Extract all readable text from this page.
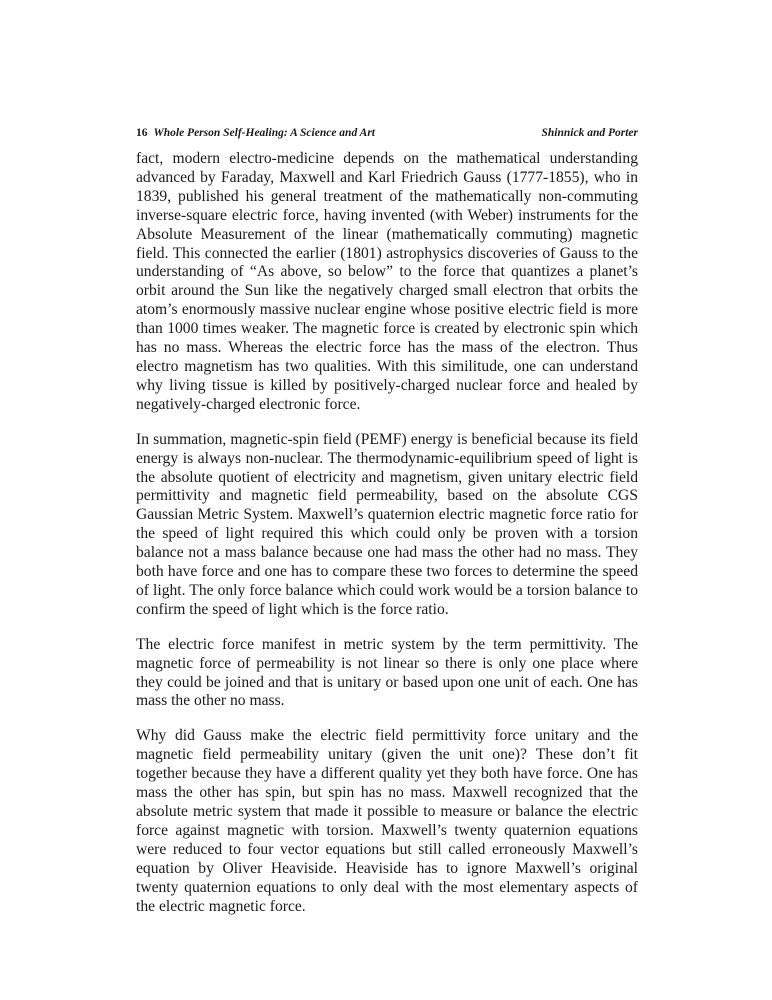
16 Whole Person Self-Healing: A Science and Art	Shinnick and Porter

fact, modern electro-medicine depends on the mathematical understanding advanced by Faraday, Maxwell and Karl Friedrich Gauss (1777-1855), who in 1839, published his general treatment of the mathematically non-commuting inverse-square electric force, having invented (with Weber) instruments for the Absolute Measurement of the linear (mathematically commuting) magnetic field. This connected the earlier (1801) astrophysics discoveries of Gauss to the understanding of “As above, so below” to the force that quantizes a planet’s orbit around the Sun like the negatively charged small electron that orbits the atom’s enormously massive nuclear engine whose positive electric field is more than 1000 times weaker. The magnetic force is created by electronic spin which has no mass. Whereas the electric force has the mass of the electron. Thus electro magnetism has two qualities. With this similitude, one can understand why living tissue is killed by positively-charged nuclear force and healed by negatively-charged electronic force.

In summation, magnetic-spin field (PEMF) energy is beneficial because its field energy is always non-nuclear. The thermodynamic-equilibrium speed of light is the absolute quotient of electricity and magnetism, given unitary electric field permittivity and magnetic field permeability, based on the absolute CGS Gaussian Metric System. Maxwell’s quaternion electric magnetic force ratio for the speed of light required this which could only be proven with a torsion balance not a mass balance because one had mass the other had no mass. They both have force and one has to compare these two forces to determine the speed of light. The only force balance which could work would be a torsion balance to confirm the speed of light which is the force ratio.

The electric force manifest in metric system by the term permittivity. The magnetic force of permeability is not linear so there is only one place where they could be joined and that is unitary or based upon one unit of each. One has mass the other no mass.

Why did Gauss make the electric field permittivity force unitary and the magnetic field permeability unitary (given the unit one)? These don’t fit together because they have a different quality yet they both have force. One has mass the other has spin, but spin has no mass. Maxwell recognized that the absolute metric system that made it possible to measure or balance the electric force against magnetic with torsion. Maxwell’s twenty quaternion equations were reduced to four vector equations but still called erroneously Maxwell’s equation by Oliver Heaviside. Heaviside has to ignore Maxwell’s original twenty quaternion equations to only deal with the most elementary aspects of the electric magnetic force.
